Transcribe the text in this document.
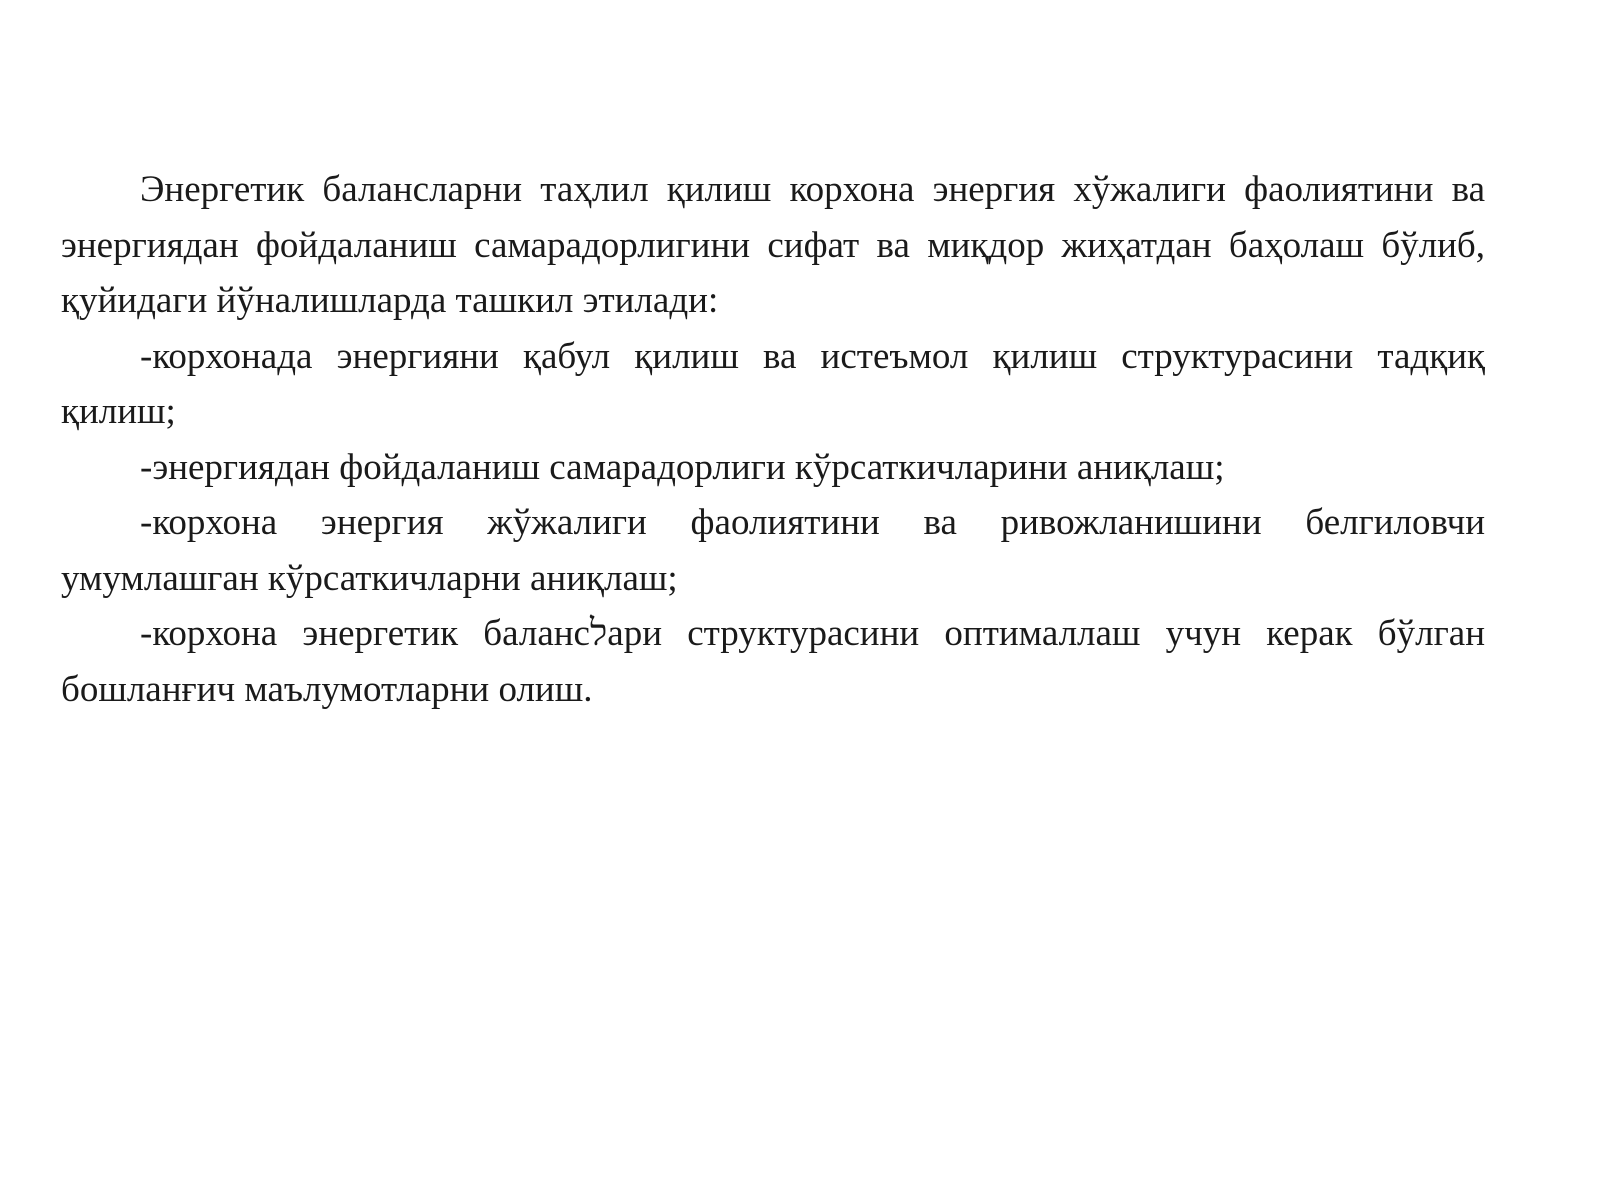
Энергетик балансларни таҳлил қилиш корхона энергия хўжалиги фаолиятини ва энергиядан фойдаланиш самарадорлигини сифат ва миқдор жиҳатдан баҳолаш бўлиб, қуйидаги йўналишларда ташкил этилади:

-корхонада энергияни қабул қилиш ва истеъмол қилиш структурасини тадқиқ қилиш;

-энергиядан фойдаланиш самарадорлиги кўрсаткичларини аниқлаш;

-корхона энергия жўжалиги фаолиятини ва ривожланишини белгиловчи умумлашган кўрсаткичларни аниқлаш;

-корхона энергетик балансלари структурасини оптималлаш учун керак бўлган бошланғич маълумотларни олиш.
